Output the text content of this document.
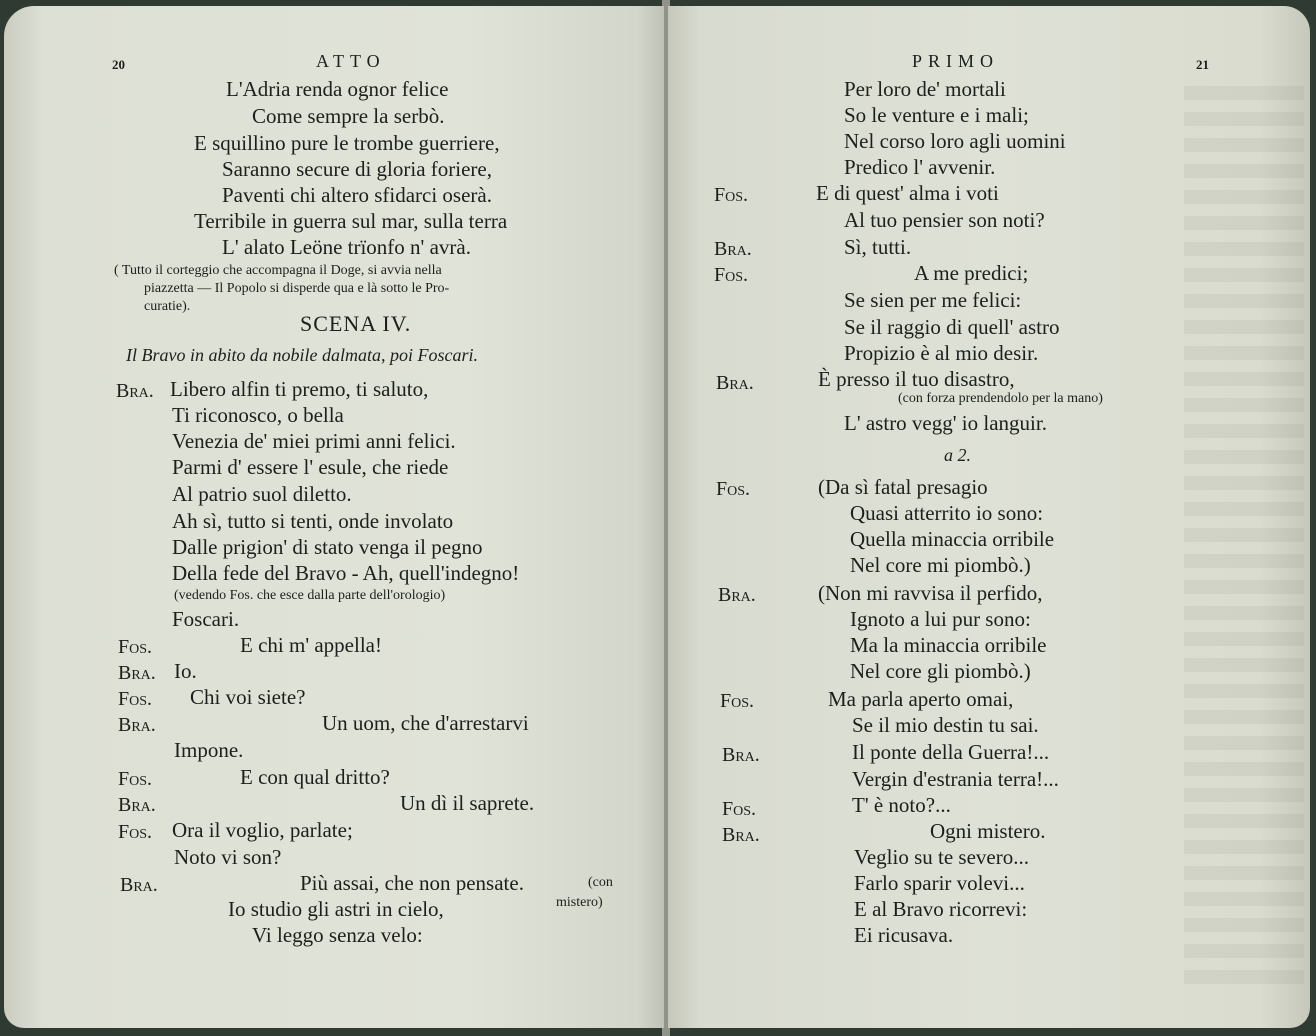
20	ATTO
L'Adria renda ognor felice
Come sempre la serbò.
E squillino pure le trombe guerriere,
Saranno secure di gloria foriere,
Paventi chi altero sfidarci oserà.
Terribile in guerra sul mar, sulla terra
L' alato Leöne trïonfo n' avrà.
( Tutto il corteggio che accompagna il Doge, si avvia nella
piazzetta — Il Popolo si disperde qua e là sotto le Pro-
curatie).
SCENA IV.
Il Bravo in abito da nobile dalmata, poi Foscari.
Bra. Libero alfin ti premo, ti saluto,
Ti riconosco, o bella
Venezia de' miei primi anni felici.
Parmi d' essere l' esule, che riede
Al patrio suol diletto.
Ah sì, tutto si tenti, onde involato
Dalle prigion' di stato venga il pegno
Della fede del Bravo - Ah, quell'indegno!
(vedendo Fos. che esce dalla parte dell'orologio)
Foscari.
Fos.	E chi m' appella!
Bra. Io.
Fos. Chi voi siete?
Bra.	Un uom, che d'arrestarvi
Impone.
Fos.	E con qual dritto?
Bra.	Un dì il saprete.
Fos. Ora il voglio, parlate;
Noto vi son?
Bra.	Più assai, che non pensate.	(con
Io studio gli astri in cielo,	mistero)
Vi leggo senza velo:
PRIMO	21
Per loro de' mortali
So le venture e i mali;
Nel corso loro agli uomini
Predico l' avvenir.
Fos.	E di quest' alma i voti
Al tuo pensier son noti?
Bra.	Sì, tutti.
Fos.	A me predici;
Se sien per me felici:
Se il raggio di quell' astro
Propizio è al mio desir.
Bra.	È presso il tuo disastro,
(con forza prendendolo per la mano)
L' astro vegg' io languir.
a 2.
Fos.	(Da sì fatal presagio
Quasi atterrito io sono:
Quella minaccia orribile
Nel core mi piombò.)
Bra.	(Non mi ravvisa il perfido,
Ignoto a lui pur sono:
Ma la minaccia orribile
Nel core gli piombò.)
Fos.	Ma parla aperto omai,
Se il mio destin tu sai.
Bra.	Il ponte della Guerra!...
Vergin d'estrania terra!...
Fos.	T' è noto?...
Bra.	Ogni mistero.
Veglio su te severo...
Farlo sparir volevi...
E al Bravo ricorrevi:
Ei ricusava.
